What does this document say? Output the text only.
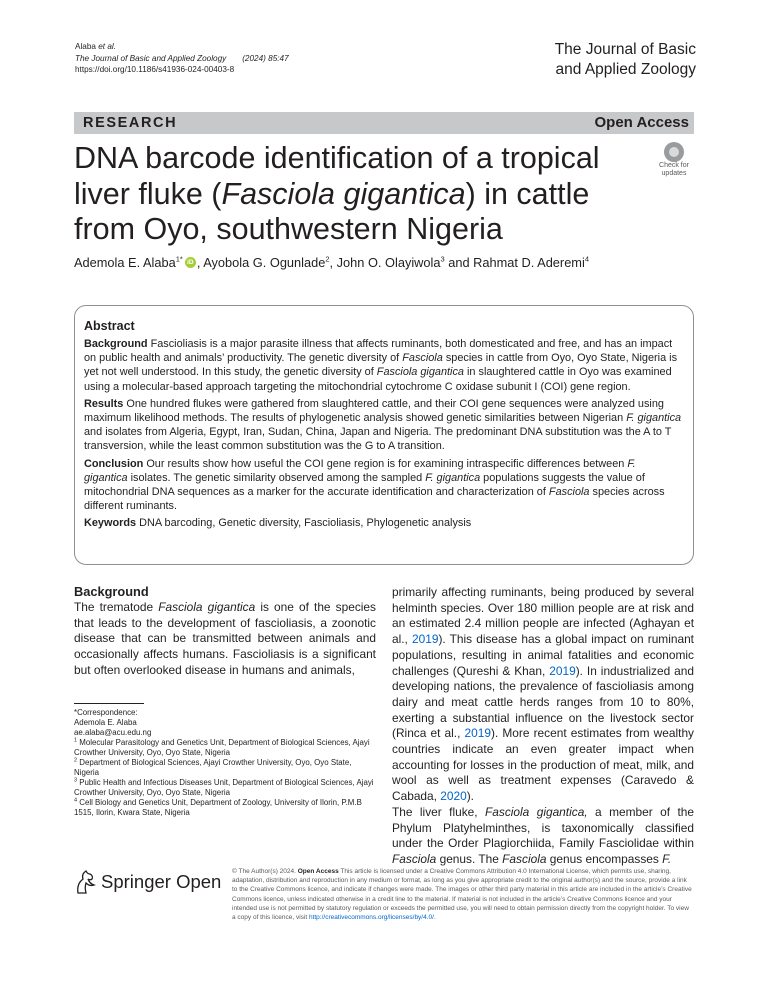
Alaba et al.
The Journal of Basic and Applied Zoology (2024) 85:47
https://doi.org/10.1186/s41936-024-00403-8
The Journal of Basic
and Applied Zoology
RESEARCH	Open Access
DNA barcode identification of a tropical liver fluke (Fasciola gigantica) in cattle from Oyo, southwestern Nigeria
Check for
updates
Ademola E. Alaba$^{1*}$ iD , Ayobola G. Ogunlade$^2$, John O. Olayiwola$^3$ and Rahmat D. Aderemi$^4$
Abstract

Background Fascioliasis is a major parasite illness that affects ruminants, both domesticated and free, and has an impact on public health and animals’ productivity. The genetic diversity of Fasciola species in cattle from Oyo, Oyo State, Nigeria is yet not well understood. In this study, the genetic diversity of Fasciola gigantica in slaughtered cattle in Oyo was examined using a molecular-based approach targeting the mitochondrial cytochrome C oxidase subunit I (COI) gene region.

Results One hundred flukes were gathered from slaughtered cattle, and their COI gene sequences were analyzed using maximum likelihood methods. The results of phylogenetic analysis showed genetic similarities between Nigerian F. gigantica and isolates from Algeria, Egypt, Iran, Sudan, China, Japan and Nigeria. The predominant DNA substitution was the A to T transversion, while the least common substitution was the G to A transition.

Conclusion Our results show how useful the COI gene region is for examining intraspecific differences between F. gigantica isolates. The genetic similarity observed among the sampled F. gigantica populations suggests the value of mitochondrial DNA sequences as a marker for the accurate identification and characterization of Fasciola species across different ruminants.

Keywords DNA barcoding, Genetic diversity, Fascioliasis, Phylogenetic analysis

Background

The trematode Fasciola gigantica is one of the species that leads to the development of fascioliasis, a zoonotic disease that can be transmitted between animals and occasionally affects humans. Fascioliasis is a significant but often overlooked disease in humans and animals,

*Correspondence:
Ademola E. Alaba
ae.alaba@acu.edu.ng
$^1$ Molecular Parasitology and Genetics Unit, Department of Biological Sciences, Ajayi Crowther University, Oyo, Oyo State, Nigeria
$^2$ Department of Biological Sciences, Ajayi Crowther University, Oyo, Oyo State, Nigeria
$^3$ Public Health and Infectious Diseases Unit, Department of Biological Sciences, Ajayi Crowther University, Oyo, Oyo State, Nigeria
$^4$ Cell Biology and Genetics Unit, Department of Zoology, University of Ilorin, P.M.B 1515, Ilorin, Kwara State, Nigeria

primarily affecting ruminants, being produced by several helminth species. Over 180 million people are at risk and an estimated 2.4 million people are infected (Aghayan et al., 2019). This disease has a global impact on ruminant populations, resulting in animal fatalities and economic challenges (Qureshi & Khan, 2019). In industrialized and developing nations, the prevalence of fascioliasis among dairy and meat cattle herds ranges from 10 to 80%, exerting a substantial influence on the livestock sector (Rinca et al., 2019). More recent estimates from wealthy countries indicate an even greater impact when accounting for losses in the production of meat, milk, and wool as well as treatment expenses (Caravedo & Cabada, 2020).

The liver fluke, Fasciola gigantica, a member of the Phylum Platyhelminthes, is taxonomically classified under the Order Plagiorchiida, Family Fasciolidae within Fasciola genus. The Fasciola genus encompasses F.

Springer Open © The Author(s) 2024. Open Access This article is licensed under a Creative Commons Attribution 4.0 International License, which permits use, sharing, adaptation, distribution and reproduction in any medium or format, as long as you give appropriate credit to the original author(s) and the source, provide a link to the Creative Commons licence, and indicate if changes were made. The images or other third party material in this article are included in the article’s Creative Commons licence, unless indicated otherwise in a credit line to the material. If material is not included in the article’s Creative Commons licence and your intended use is not permitted by statutory regulation or exceeds the permitted use, you will need to obtain permission directly from the copyright holder. To view a copy of this licence, visit http://creativecommons.org/licenses/by/4.0/.
